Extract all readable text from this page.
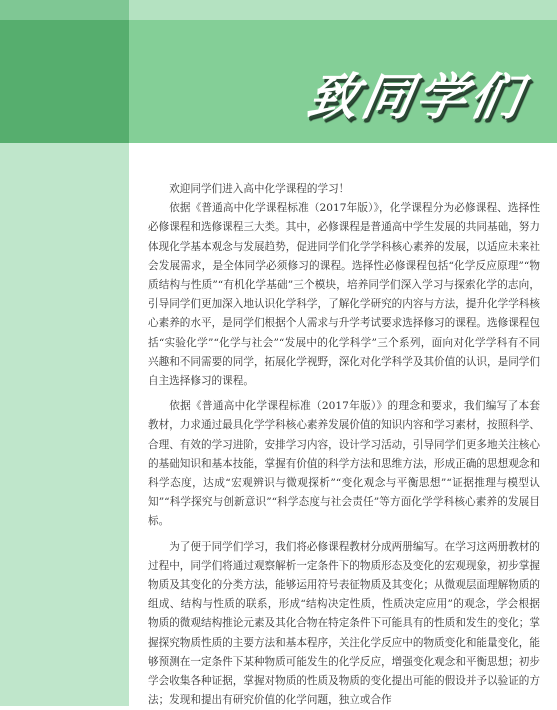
致同学们

欢迎同学们进入高中化学课程的学习！

依据《普通高中化学课程标准（2017年版）》，化学课程分为必修课程、选择性必修课程和选修课程三大类。其中，必修课程是普通高中学生发展的共同基础，努力体现化学基本观念与发展趋势，促进同学们化学学科核心素养的发展，以适应未来社会发展需求，是全体同学必须修习的课程。选择性必修课程包括“化学反应原理”“物质结构与性质”“有机化学基础”三个模块，培养同学们深入学习与探索化学的志向，引导同学们更加深入地认识化学科学，了解化学研究的内容与方法，提升化学学科核心素养的水平，是同学们根据个人需求与升学考试要求选择修习的课程。选修课程包括“实验化学”“化学与社会”“发展中的化学科学”三个系列，面向对化学学科有不同兴趣和不同需要的同学，拓展化学视野，深化对化学科学及其价值的认识，是同学们自主选择修习的课程。

依据《普通高中化学课程标准（2017年版）》的理念和要求，我们编写了本套教材，力求通过最具化学学科核心素养发展价值的知识内容和学习素材，按照科学、合理、有效的学习进阶，安排学习内容，设计学习活动，引导同学们更多地关注核心的基础知识和基本技能，掌握有价值的科学方法和思维方法，形成正确的思想观念和科学态度，达成“宏观辨识与微观探析”“变化观念与平衡思想”“证据推理与模型认知”“科学探究与创新意识”“科学态度与社会责任”等方面化学学科核心素养的发展目标。

为了便于同学们学习，我们将必修课程教材分成两册编写。在学习这两册教材的过程中，同学们将通过观察解析一定条件下的物质形态及变化的宏观现象，初步掌握物质及其变化的分类方法，能够运用符号表征物质及其变化；从微观层面理解物质的组成、结构与性质的联系，形成“结构决定性质，性质决定应用”的观念，学会根据物质的微观结构推论元素及其化合物在特定条件下可能具有的性质和发生的变化；掌握探究物质性质的主要方法和基本程序，关注化学反应中的物质变化和能量变化，能够预测在一定条件下某种物质可能发生的化学反应，增强变化观念和平衡思想；初步学会收集各种证据，掌握对物质的性质及物质的变化提出可能的假设并予以验证的方法；发现和提出有研究价值的化学问题，独立或合作
